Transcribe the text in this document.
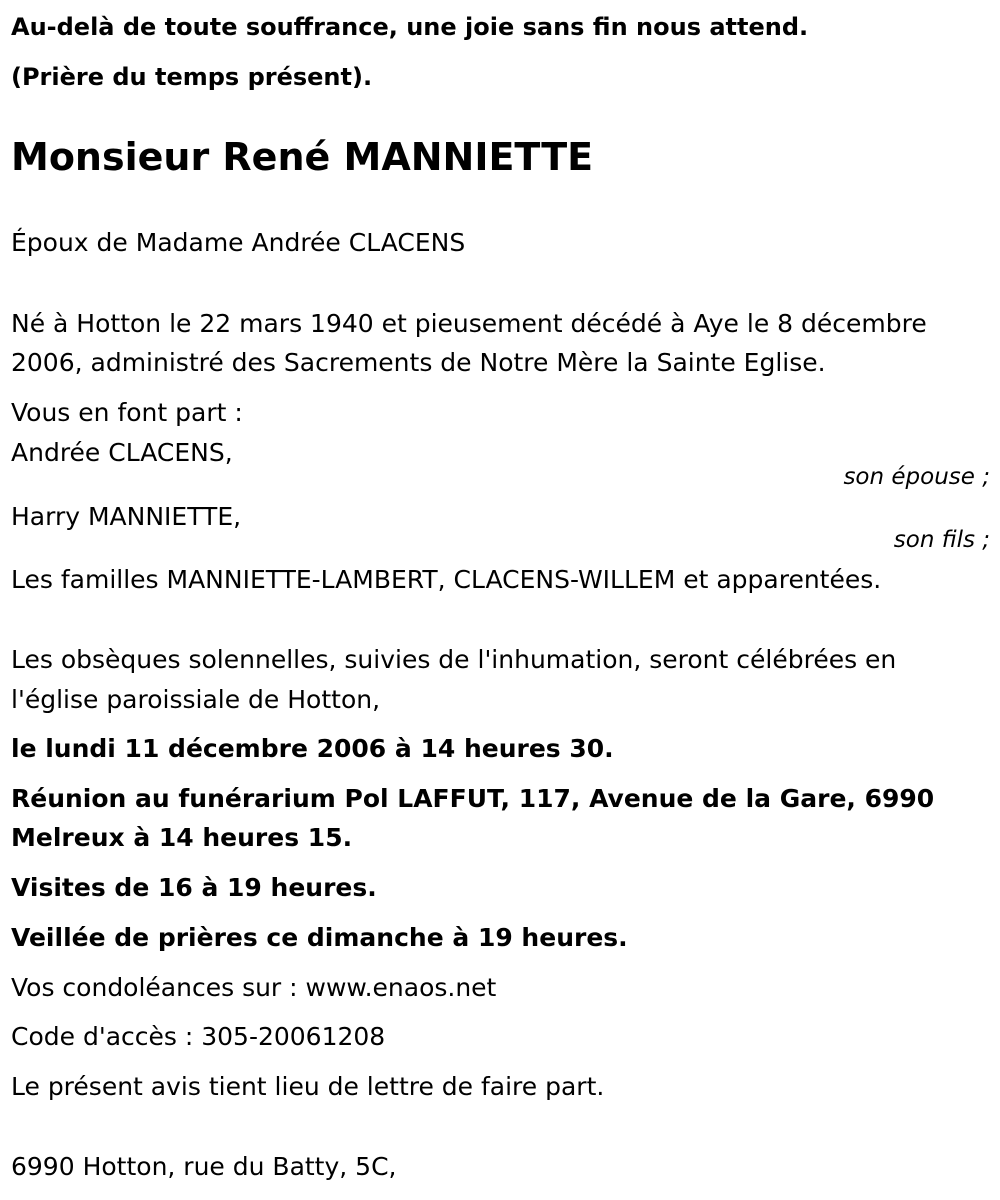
Au-delà de toute souffrance, une joie sans fin nous attend.
(Prière du temps présent).
Monsieur René MANNIETTE
Époux de Madame Andrée CLACENS
Né à Hotton le 22 mars 1940 et pieusement décédé à Aye le 8 décembre
2006, administré des Sacrements de Notre Mère la Sainte Eglise.
Vous en font part :
Andrée CLACENS,
son épouse ;
Harry MANNIETTE,
son fils ;
Les familles MANNIETTE-LAMBERT, CLACENS-WILLEM et apparentées.
Les obsèques solennelles, suivies de l'inhumation, seront célébrées en
l'église paroissiale de Hotton,
le lundi 11 décembre 2006 à 14 heures 30.
Réunion au funérarium Pol LAFFUT, 117, Avenue de la Gare, 6990
Melreux à 14 heures 15.
Visites de 16 à 19 heures.
Veillée de prières ce dimanche à 19 heures.
Vos condoléances sur : www.enaos.net
Code d'accès : 305-20061208
Le présent avis tient lieu de lettre de faire part.
6990 Hotton, rue du Batty, 5C,
